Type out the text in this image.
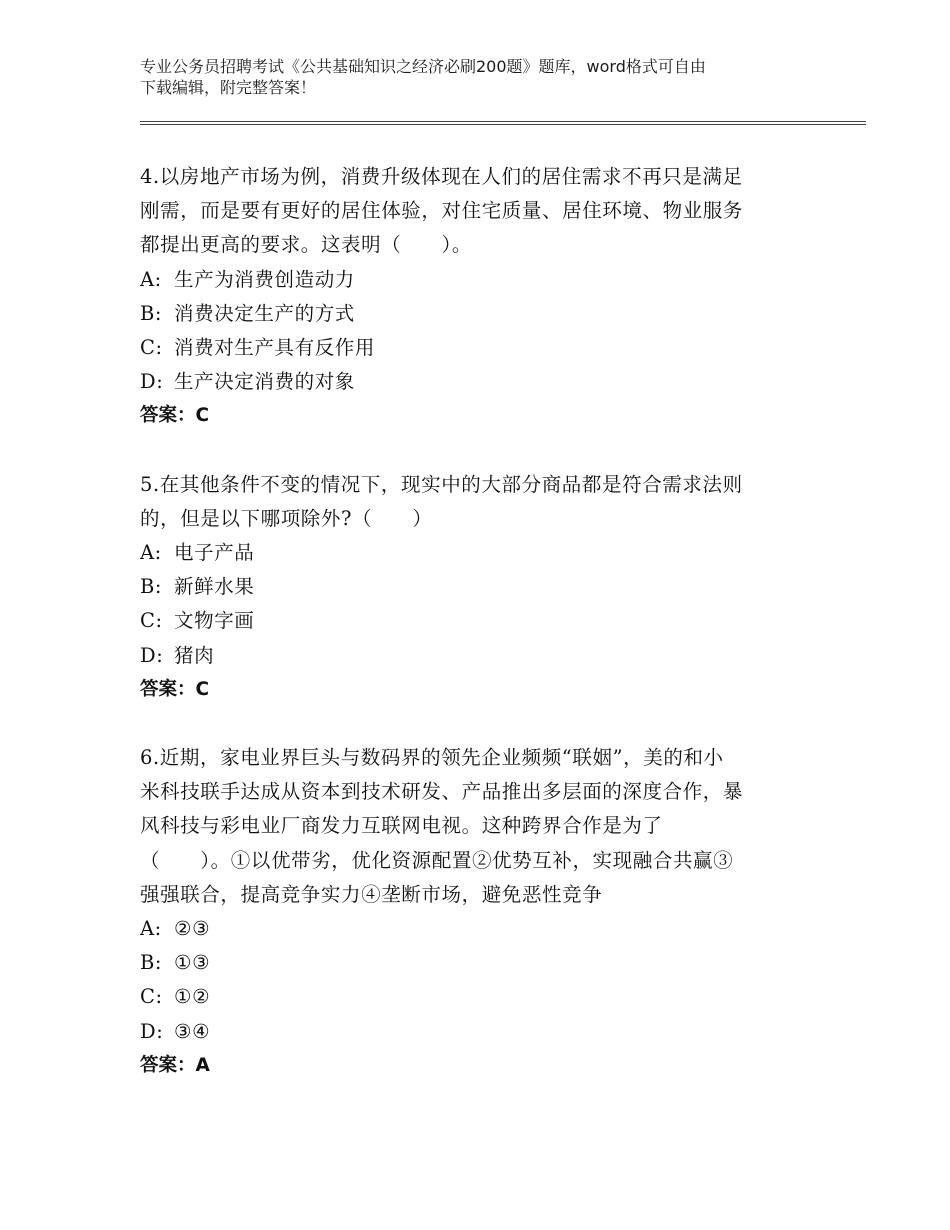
专业公务员招聘考试《公共基础知识之经济必刷200题》题库，word格式可自由
下载编辑，附完整答案！
4.以房地产市场为例，消费升级体现在人们的居住需求不再只是满足
刚需，而是要有更好的居住体验，对住宅质量、居住环境、物业服务
都提出更高的要求。这表明（　　）。
A: 生产为消费创造动力
B: 消费决定生产的方式
C: 消费对生产具有反作用
D: 生产决定消费的对象
答案：C
5.在其他条件不变的情况下，现实中的大部分商品都是符合需求法则
的，但是以下哪项除外?（　　）
A: 电子产品
B: 新鲜水果
C: 文物字画
D: 猪肉
答案：C
6.近期，家电业界巨头与数码界的领先企业频频“联姻”，美的和小
米科技联手达成从资本到技术研发、产品推出多层面的深度合作，暴
风科技与彩电业厂商发力互联网电视。这种跨界合作是为了
（　　）。①以优带劣，优化资源配置②优势互补，实现融合共赢③
强强联合，提高竞争实力④垄断市场，避免恶性竞争
A: ②③
B: ①③
C: ①②
D: ③④
答案：A
